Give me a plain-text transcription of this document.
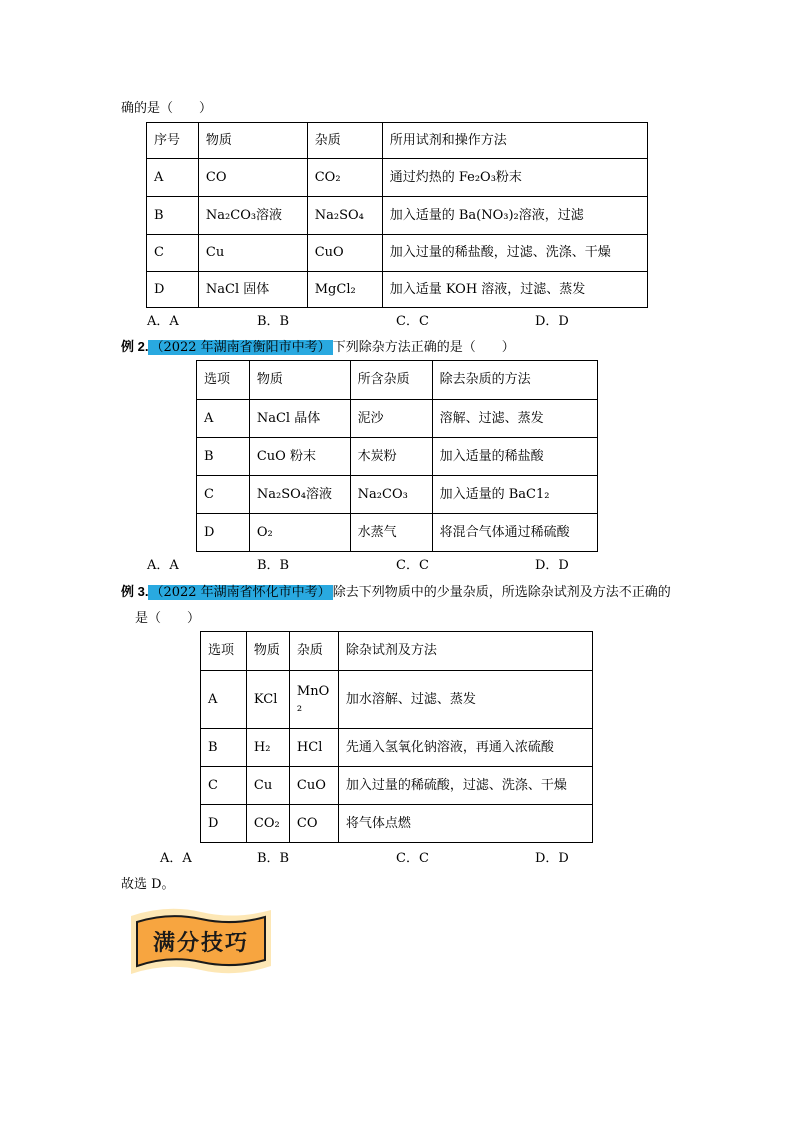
确的是（　　）
序号	物质	杂质	所用试剂和操作方法
A	CO	CO₂	通过灼热的 Fe₂O₃粉末
B	Na₂CO₃溶液	Na₂SO₄	加入适量的 Ba(NO₃)₂溶液，过滤
C	Cu	CuO	加入过量的稀盐酸，过滤、洗涤、干燥
D	NaCl 固体	MgCl₂	加入适量 KOH 溶液，过滤、蒸发
A．A	B．B	C．C	D．D
例 2. （2022 年湖南省衡阳市中考） 下列除杂方法正确的是（　　）
选项	物质	所含杂质	除去杂质的方法
A	NaCl 晶体	泥沙	溶解、过滤、蒸发
B	CuO 粉末	木炭粉	加入适量的稀盐酸
C	Na₂SO₄溶液	Na₂CO₃	加入适量的 BaC1₂
D	O₂	水蒸气	将混合气体通过稀硫酸
A．A	B．B	C．C	D．D
例 3. （2022 年湖南省怀化市中考） 除去下列物质中的少量杂质，所选除杂试剂及方法不正确的
是（　　）
选项	物质	杂质	除杂试剂及方法
A	KCl	MnO₂	加水溶解、过滤、蒸发
B	H₂	HCl	先通入氢氧化钠溶液，再通入浓硫酸
C	Cu	CuO	加入过量的稀硫酸，过滤、洗涤、干燥
D	CO₂	CO	将气体点燃
A．A	B．B	C．C	D．D
故选 D。
满分技巧
